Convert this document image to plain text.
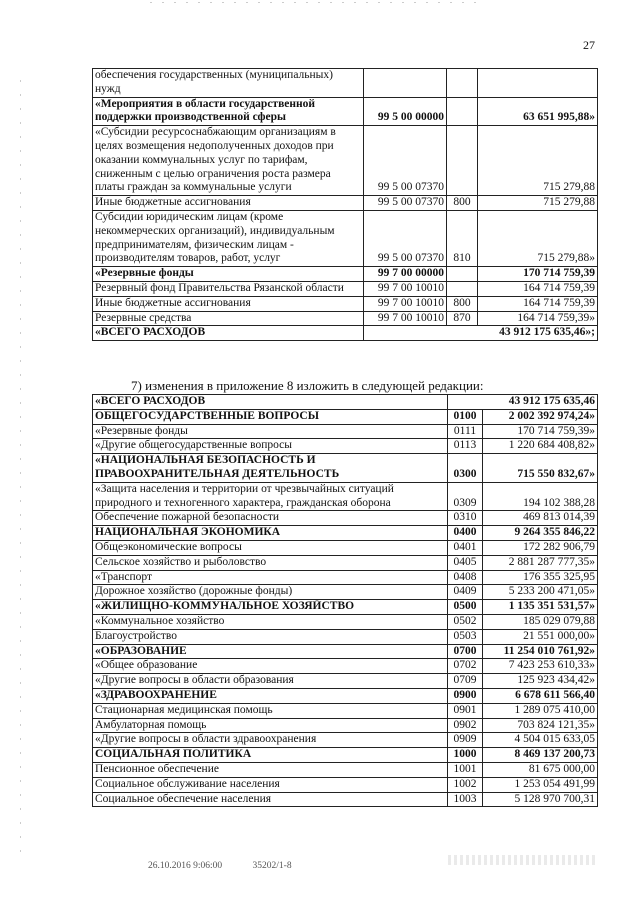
27
обеспечения государственных (муниципальных) нужд			
«Мероприятия в области государственной поддержки производственной сферы	99 5 00 00000		63 651 995,88»
«Субсидии ресурсоснабжающим организациям в целях возмещения недополученных доходов при оказании коммунальных услуг по тарифам, сниженным с целью ограничения роста размера платы граждан за коммунальные услуги	99 5 00 07370		715 279,88
Иные бюджетные ассигнования	99 5 00 07370	800	715 279,88
Субсидии юридическим лицам (кроме некоммерческих организаций), индивидуальным предпринимателям, физическим лицам - производителям товаров, работ, услуг	99 5 00 07370	810	715 279,88»
«Резервные фонды	99 7 00 00000		170 714 759,39
Резервный фонд Правительства Рязанской области	99 7 00 10010		164 714 759,39
Иные бюджетные ассигнования	99 7 00 10010	800	164 714 759,39
Резервные средства	99 7 00 10010	870	164 714 759,39»
«ВСЕГО РАСХОДОВ	43 912 175 635,46»;		
7) изменения в приложение 8 изложить в следующей редакции:
«ВСЕГО РАСХОДОВ	43 912 175 635,46	
ОБЩЕГОСУДАРСТВЕННЫЕ ВОПРОСЫ	0100	2 002 392 974,24»
«Резервные фонды	0111	170 714 759,39»
«Другие общегосударственные вопросы	0113	1 220 684 408,82»
«НАЦИОНАЛЬНАЯ БЕЗОПАСНОСТЬ И ПРАВООХРАНИТЕЛЬНАЯ ДЕЯТЕЛЬНОСТЬ	0300	715 550 832,67»
«Защита населения и территории от чрезвычайных ситуаций природного и техногенного характера, гражданская оборона	0309	194 102 388,28
Обеспечение пожарной безопасности	0310	469 813 014,39
НАЦИОНАЛЬНАЯ ЭКОНОМИКА	0400	9 264 355 846,22
Общеэкономические вопросы	0401	172 282 906,79
Сельское хозяйство и рыболовство	0405	2 881 287 777,35»
«Транспорт	0408	176 355 325,95
Дорожное хозяйство (дорожные фонды)	0409	5 233 200 471,05»
«ЖИЛИЩНО-КОММУНАЛЬНОЕ ХОЗЯЙСТВО	0500	1 135 351 531,57»
«Коммунальное хозяйство	0502	185 029 079,88
Благоустройство	0503	21 551 000,00»
«ОБРАЗОВАНИЕ	0700	11 254 010 761,92»
«Общее образование	0702	7 423 253 610,33»
«Другие вопросы в области образования	0709	125 923 434,42»
«ЗДРАВООХРАНЕНИЕ	0900	6 678 611 566,40
Стационарная медицинская помощь	0901	1 289 075 410,00
Амбулаторная помощь	0902	703 824 121,35»
«Другие вопросы в области здравоохранения	0909	4 504 015 633,05
СОЦИАЛЬНАЯ ПОЛИТИКА	1000	8 469 137 200,73
Пенсионное обеспечение	1001	81 675 000,00
Социальное обслуживание населения	1002	1 253 054 491,99
Социальное обеспечение населения	1003	5 128 970 700,31
26.10.2016 9:06:00	35202/1-8
